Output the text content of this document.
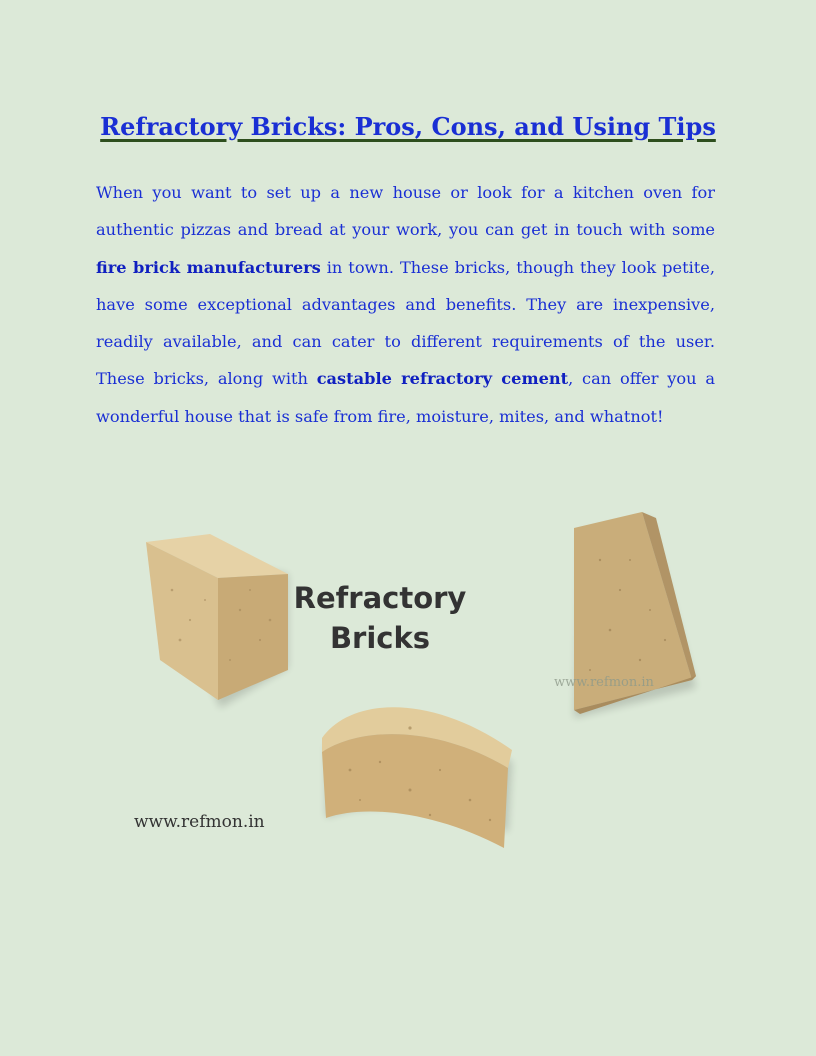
Refractory Bricks: Pros, Cons, and Using Tips

When you want to set up a new house or look for a kitchen oven for authentic pizzas and bread at your work, you can get in touch with some fire brick manufacturers in town. These bricks, though they look petite, have some exceptional advantages and benefits. They are inexpensive, readily available, and can cater to different requirements of the user. These bricks, along with castable refractory cement, can offer you a wonderful house that is safe from fire, moisture, mites, and whatnot!

Refractory
Bricks
www.refmon.in
www.refmon.in
